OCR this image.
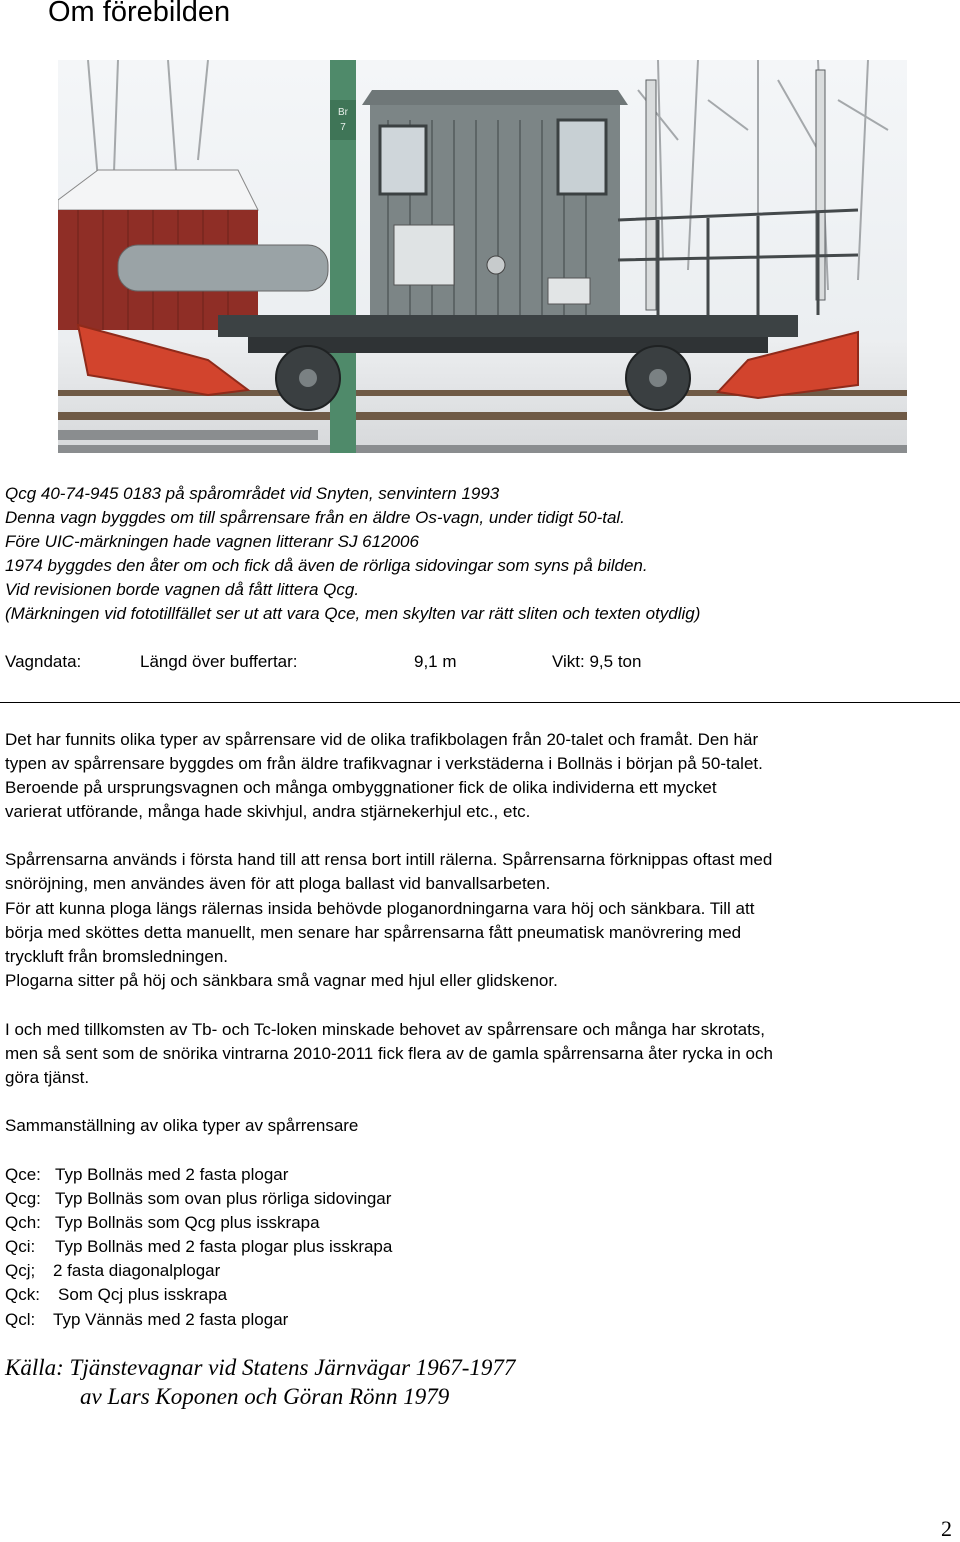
Om förebilden
Br
7
Qcg 40-74-945 0183 på spårområdet vid Snyten, senvintern 1993
Denna vagn byggdes om till spårrensare från en äldre Os-vagn, under tidigt 50-tal.
Före UIC-märkningen hade vagnen litteranr SJ 612006
1974 byggdes den åter om och fick då även de rörliga sidovingar som syns på bilden.
Vid revisionen borde vagnen då fått littera Qcg.
(Märkningen vid fototillfället ser ut att vara Qce, men skylten var rätt sliten och texten otydlig)
Vagndata:	Längd över buffertar:	9,1 m	Vikt: 9,5 ton
Det har funnits olika typer av spårrensare vid de olika trafikbolagen från 20-talet och framåt. Den här
typen av spårrensare byggdes om från äldre trafikvagnar i verkstäderna i Bollnäs i början på 50-talet.
Beroende på ursprungsvagnen och många ombyggnationer fick de olika individerna ett mycket
varierat utförande, många hade skivhjul, andra stjärnekerhjul etc., etc.
Spårrensarna används i första hand till att rensa bort intill rälerna. Spårrensarna förknippas oftast med
snöröjning, men användes även för att ploga ballast vid banvallsarbeten.
För att kunna ploga längs rälernas insida behövde ploganordningarna vara höj och sänkbara. Till att
börja med sköttes detta manuellt, men senare har spårrensarna fått pneumatisk manövrering med
tryckluft från bromsledningen.
Plogarna sitter på höj och sänkbara små vagnar med hjul eller glidskenor.
I och med tillkomsten av Tb- och Tc-loken minskade behovet av spårrensare och många har skrotats,
men så sent som de snörika vintrarna 2010-2011 fick flera av de gamla spårrensarna åter rycka in och
göra tjänst.
Sammanställning av olika typer av spårrensare
Qce: Typ Bollnäs med 2 fasta plogar
Qcg: Typ Bollnäs som ovan plus rörliga sidovingar
Qch: Typ Bollnäs som Qcg plus isskrapa
Qci: Typ Bollnäs med 2 fasta plogar plus isskrapa
Qcj; 2 fasta diagonalplogar
Qck: Som Qcj plus isskrapa
Qcl: Typ Vännäs med 2 fasta plogar
Källa: Tjänstevagnar vid Statens Järnvägar 1967-1977
av Lars Koponen och Göran Rönn 1979
2
